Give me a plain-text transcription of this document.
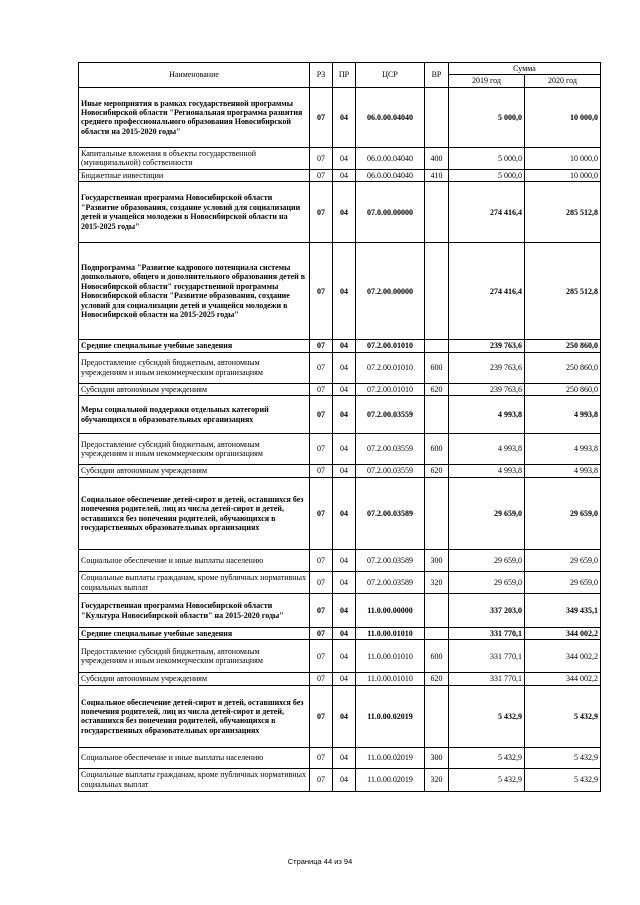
Наименование	РЗ	ПР	ЦСР	ВР	Сумма	
					2019 год	2020 год
Иные мероприятия в рамках государственной программы Новосибирской области "Региональная программа развития среднего профессионального образования Новосибирской области на 2015-2020 годы"	07	04	06.0.00.04040		5 000,0	10 000,0
Капитальные вложения в объекты государственной (муниципальной) собственности	07	04	06.0.00.04040	400	5 000,0	10 000,0
Бюджетные инвестиции	07	04	06.0.00.04040	410	5 000,0	10 000,0
Государственная программа Новосибирской области "Развитие образования, создание условий для социализации детей и учащейся молодежи в Новосибирской области на 2015-2025 годы"	07	04	07.0.00.00000		274 416,4	285 512,8
Подпрограмма "Развитие кадрового потенциала системы дошкольного, общего и дополнительного образования детей в Новосибирской области" государственной программы Новосибирской области "Развитие образования, создание условий для социализации детей и учащейся молодежи в Новосибирской области на 2015-2025 годы"	07	04	07.2.00.00000		274 416,4	285 512,8
Средние специальные учебные заведения	07	04	07.2.00.01010		239 763,6	250 860,0
Предоставление субсидий бюджетным, автономным учреждениям и иным некоммерческим организациям	07	04	07.2.00.01010	600	239 763,6	250 860,0
Субсидии автономным учреждениям	07	04	07.2.00.01010	620	239 763,6	250 860,0
Меры социальной поддержки отдельных категорий обучающихся в образовательных организациях	07	04	07.2.00.03559		4 993,8	4 993,8
Предоставление субсидий бюджетным, автономным учреждениям и иным некоммерческим организациям	07	04	07.2.00.03559	600	4 993,8	4 993,8
Субсидии автономным учреждениям	07	04	07.2.00.03559	620	4 993,8	4 993,8
Социальное обеспечение детей-сирот и детей, оставшихся без попечения родителей, лиц из числа детей-сирот и детей, оставшихся без попечения родителей, обучающихся в государственных образовательных организациях	07	04	07.2.00.03589		29 659,0	29 659,0
Социальное обеспечение и иные выплаты населению	07	04	07.2.00.03589	300	29 659,0	29 659,0
Социальные выплаты гражданам, кроме публичных нормативных социальных выплат	07	04	07.2.00.03589	320	29 659,0	29 659,0
Государственная программа Новосибирской области "Культура Новосибирской области" на 2015-2020 годы"	07	04	11.0.00.00000		337 203,0	349 435,1
Средние специальные учебные заведения	07	04	11.0.00.01010		331 770,1	344 002,2
Предоставление субсидий бюджетным, автономным учреждениям и иным некоммерческим организациям	07	04	11.0.00.01010	600	331 770,1	344 002,2
Субсидии автономным учреждениям	07	04	11.0.00.01010	620	331 770,1	344 002,2
Социальное обеспечение детей-сирот и детей, оставшихся без попечения родителей, лиц из числа детей-сирот и детей, оставшихся без попечения родителей, обучающихся в государственных образовательных организациях	07	04	11.0.00.02019		5 432,9	5 432,9
Социальное обеспечение и иные выплаты населению	07	04	11.0.00.02019	300	5 432,9	5 432,9
Социальные выплаты гражданам, кроме публичных нормативных социальных выплат	07	04	11.0.00.02019	320	5 432,9	5 432,9
Страница 44 из 94
